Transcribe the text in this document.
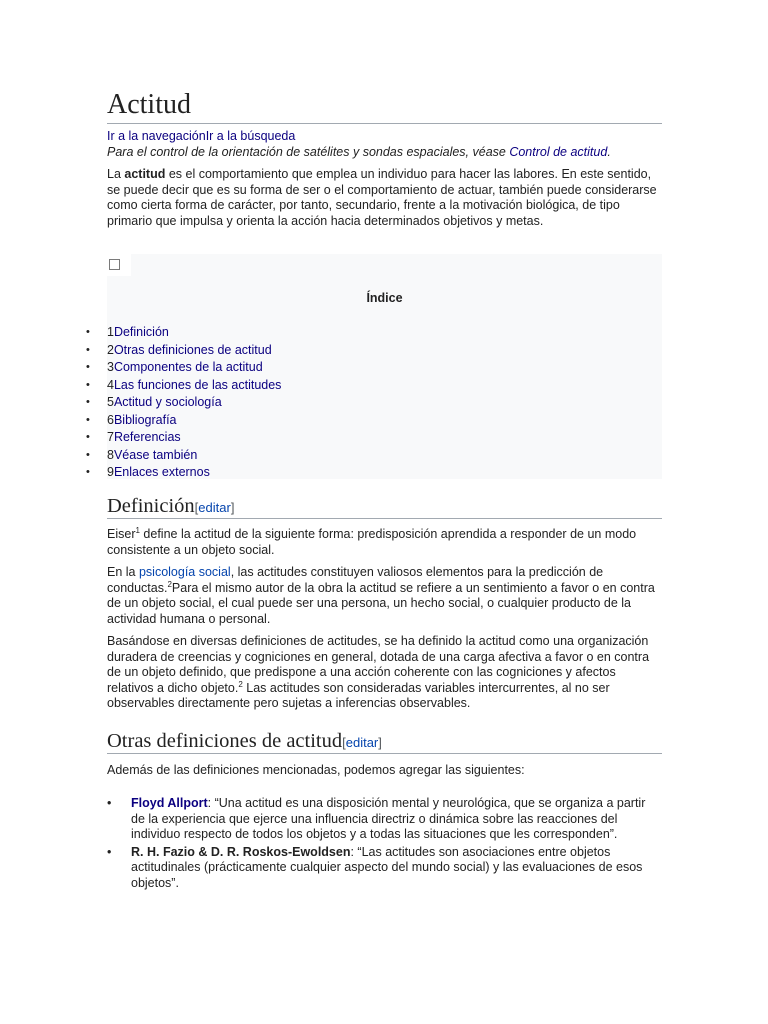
Actitud
Ir a la navegaciónIr a la búsqueda
Para el control de la orientación de satélites y sondas espaciales, véase Control de actitud.

La actitud es el comportamiento que emplea un individuo para hacer las labores. En este sentido, se puede decir que es su forma de ser o el comportamiento de actuar, también puede considerarse como cierta forma de carácter, por tanto, secundario, frente a la motivación biológica, de tipo primario que impulsa y orienta la acción hacia determinados objetivos y metas.

Índice
• 1Definición
• 2Otras definiciones de actitud
• 3Componentes de la actitud
• 4Las funciones de las actitudes
• 5Actitud y sociología
• 6Bibliografía
• 7Referencias
• 8Véase también
• 9Enlaces externos
Definición[editar]

Eiser$^1$ define la actitud de la siguiente forma: predisposición aprendida a responder de un modo consistente a un objeto social.

En la psicología social, las actitudes constituyen valiosos elementos para la predicción de conductas.$^2$Para el mismo autor de la obra la actitud se refiere a un sentimiento a favor o en contra de un objeto social, el cual puede ser una persona, un hecho social, o cualquier producto de la actividad humana o personal.

Basándose en diversas definiciones de actitudes, se ha definido la actitud como una organización duradera de creencias y cogniciones en general, dotada de una carga afectiva a favor o en contra de un objeto definido, que predispone a una acción coherente con las cogniciones y afectos relativos a dicho objeto.$^2$ Las actitudes son consideradas variables intercurrentes, al no ser observables directamente pero sujetas a inferencias observables.

Otras definiciones de actitud[editar]

Además de las definiciones mencionadas, podemos agregar las siguientes:

• Floyd Allport: “Una actitud es una disposición mental y neurológica, que se organiza a partir de la experiencia que ejerce una influencia directriz o dinámica sobre las reacciones del individuo respecto de todos los objetos y a todas las situaciones que les corresponden”.
• R. H. Fazio & D. R. Roskos-Ewoldsen: “Las actitudes son asociaciones entre objetos actitudinales (prácticamente cualquier aspecto del mundo social) y las evaluaciones de esos objetos”.
